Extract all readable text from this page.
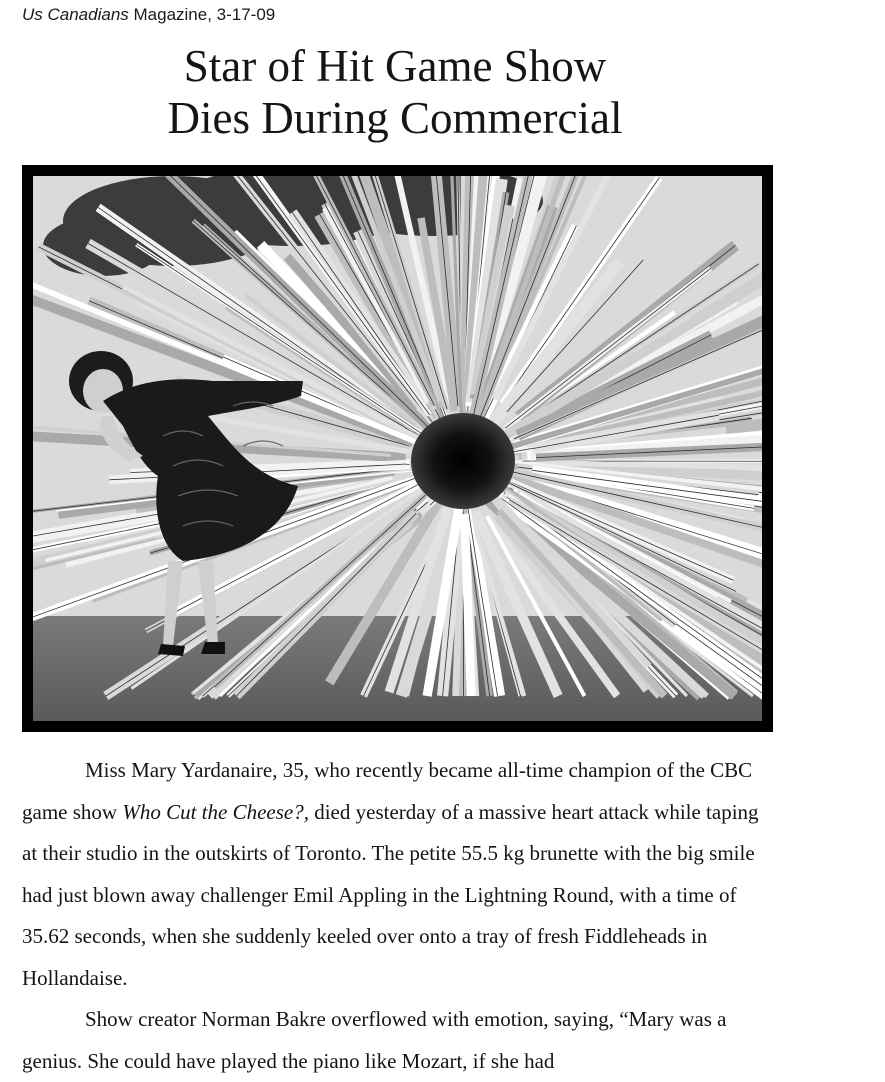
Us Canadians Magazine, 3-17-09
Star of Hit Game Show
Dies During Commercial

Miss Mary Yardanaire, 35, who recently became all-time champion of the CBC game show Who Cut the Cheese?, died yesterday of a massive heart attack while taping at their studio in the outskirts of Toronto. The petite 55.5 kg brunette with the big smile had just blown away challenger Emil Appling in the Lightning Round, with a time of 35.62 seconds, when she suddenly keeled over onto a tray of fresh Fiddleheads in Hollandaise.

Show creator Norman Bakre overflowed with emotion, saying, “Mary was a genius. She could have played the piano like Mozart, if she had
